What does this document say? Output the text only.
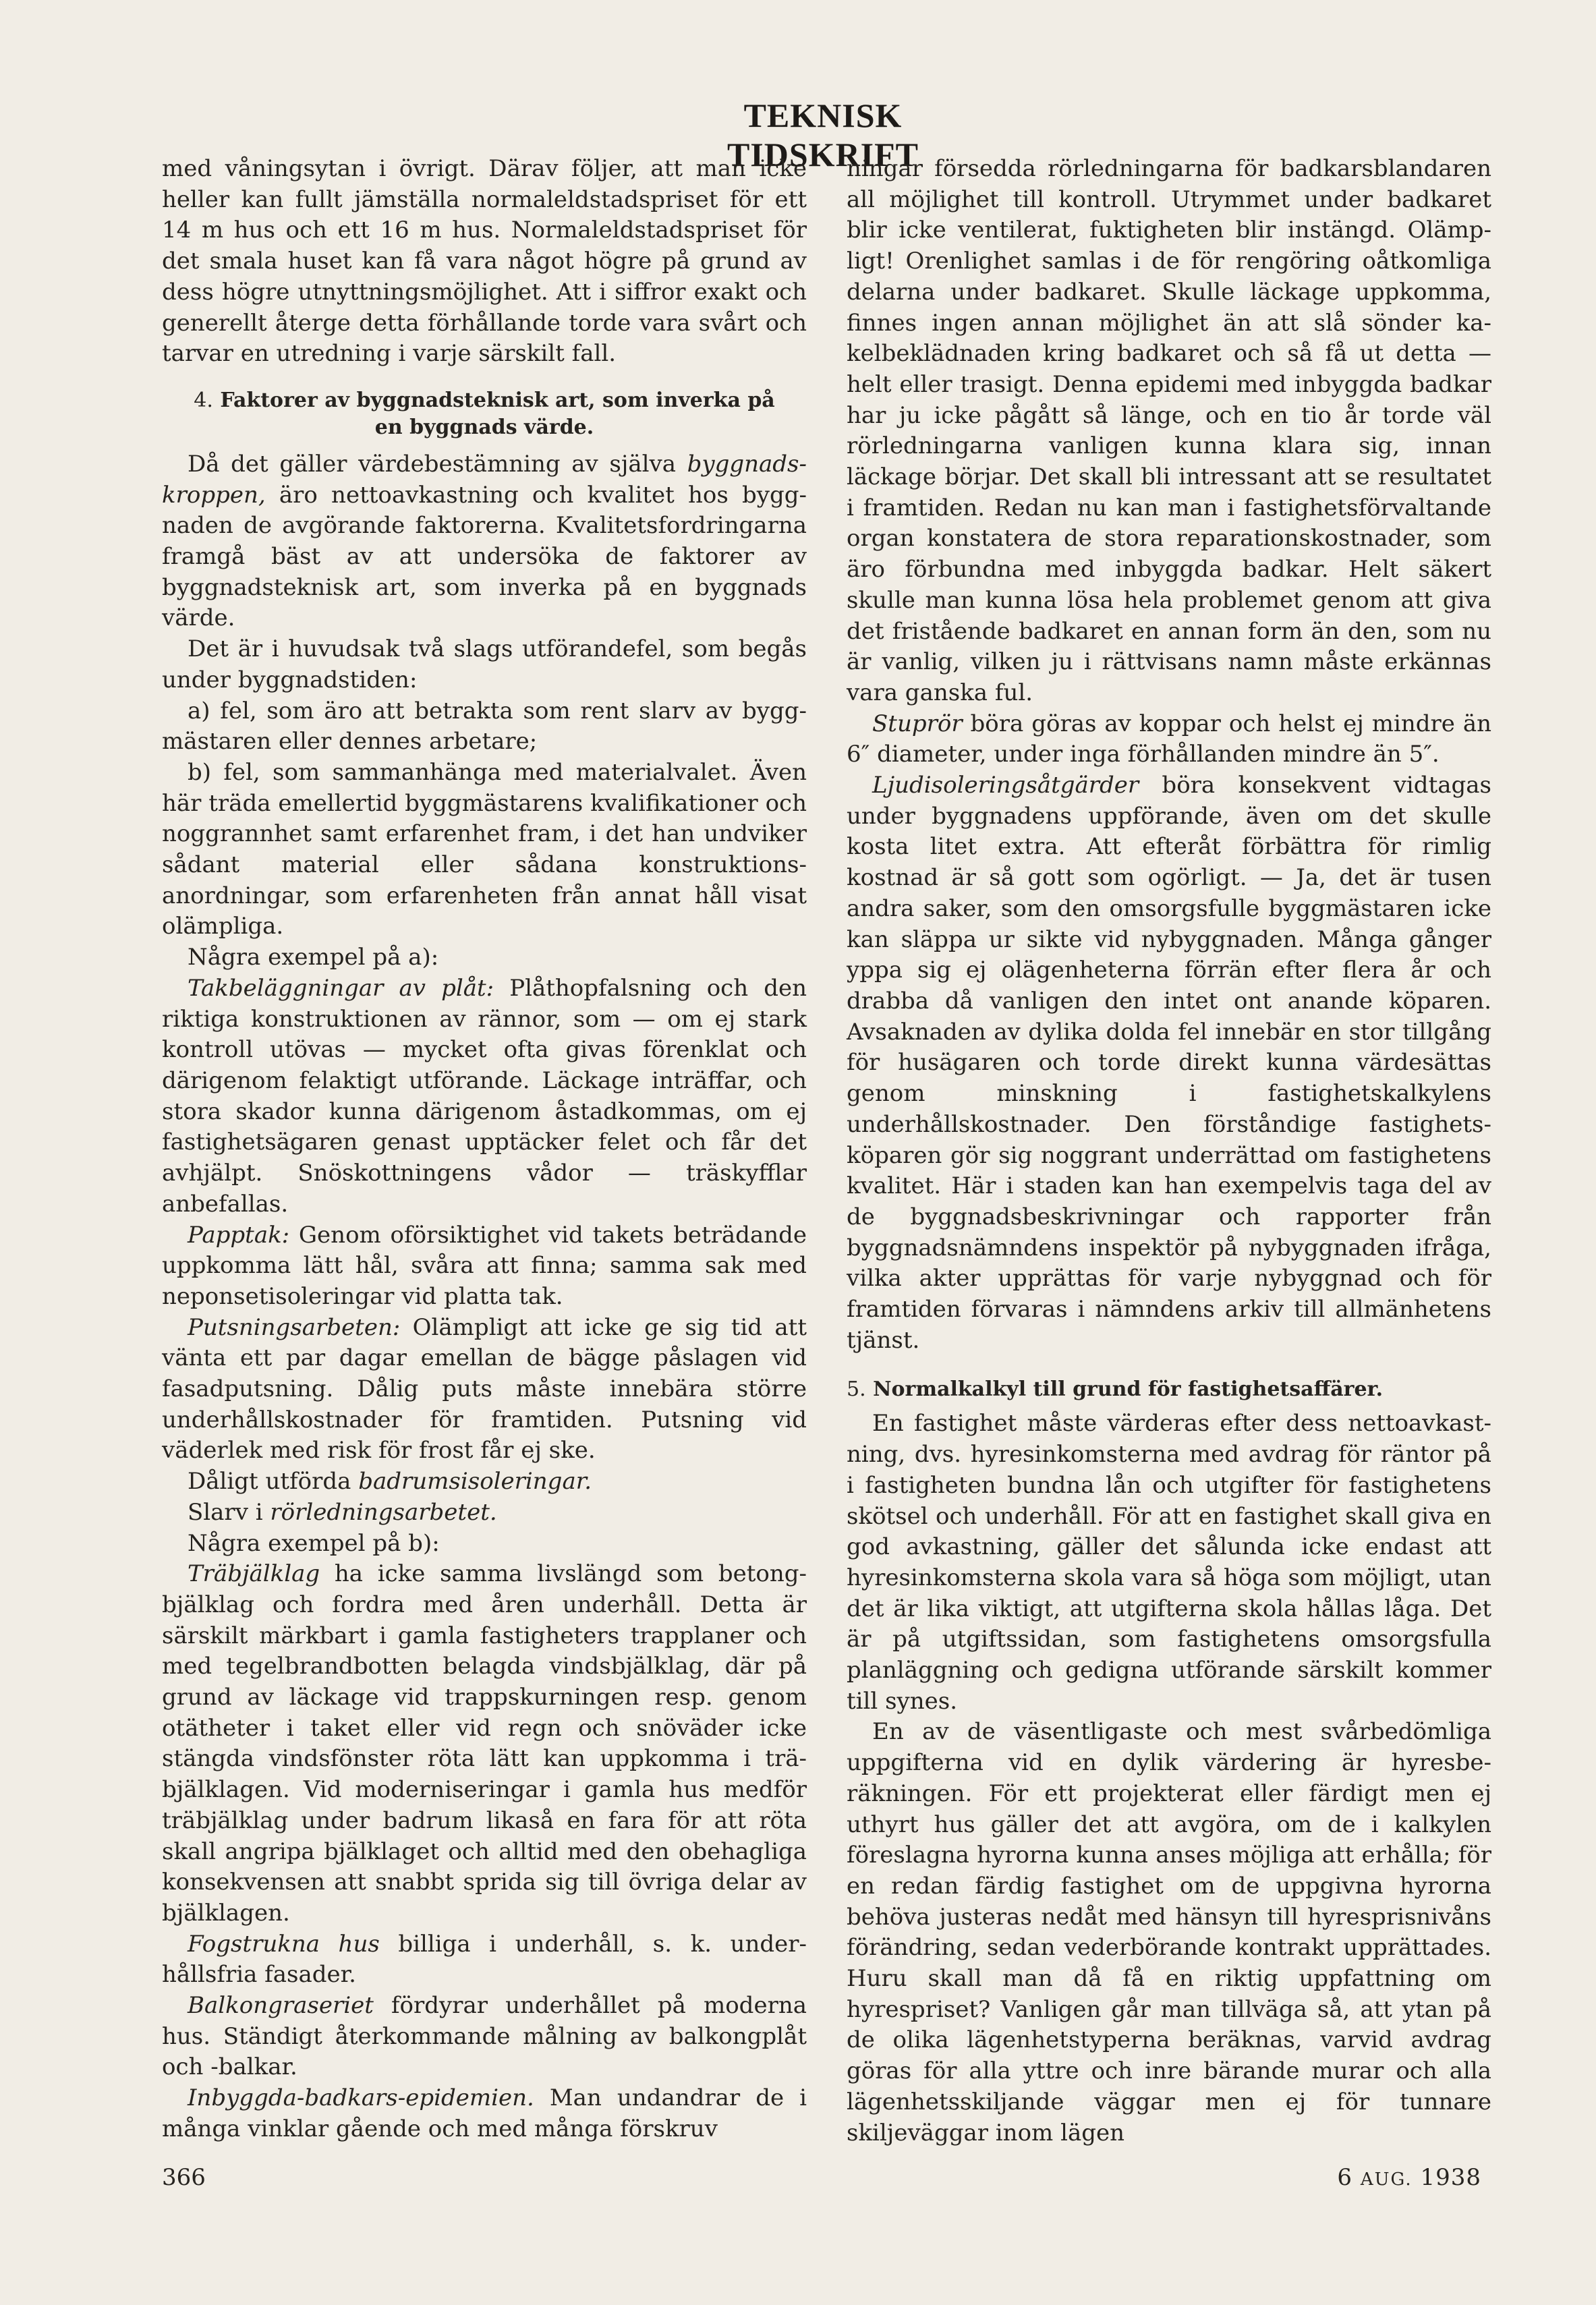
TEKNISK TIDSKRIFT

med våningsytan i övrigt. Därav följer, att man icke heller kan fullt jämställa normaleldstadspriset för ett 14 m hus och ett 16 m hus. Normaleldstadspriset för det smala huset kan få vara något högre på grund av dess högre utnyttningsmöjlighet. Att i siffror exakt och generellt återge detta förhållande torde vara svårt och tarvar en utredning i varje särskilt fall.

4. Faktorer av byggnadsteknisk art, som inverka på en byggnads värde.

Då det gäller värdebestämning av själva byggnadskroppen, äro nettoavkastning och kvalitet hos byggnaden de avgörande faktorerna. Kvalitetsfordringarna framgå bäst av att undersöka de faktorer av byggnadsteknisk art, som inverka på en byggnads värde.

Det är i huvudsak två slags utförandefel, som begås under byggnadstiden:

a) fel, som äro att betrakta som rent slarv av byggmästaren eller dennes arbetare;

b) fel, som sammanhänga med materialvalet. Även här träda emellertid byggmästarens kvalifikationer och noggrannhet samt erfarenhet fram, i det han undviker sådant material eller sådana konstruktionsanordningar, som erfarenheten från annat håll visat olämpliga.

Några exempel på a):

Takbeläggningar av plåt: Plåthopfalsning och den riktiga konstruktionen av rännor, som — om ej stark kontroll utövas — mycket ofta givas förenklat och därigenom felaktigt utförande. Läckage inträffar, och stora skador kunna därigenom åstadkommas, om ej fastighetsägaren genast upptäcker felet och får det avhjälpt. Snöskottningens vådor — träskyfflar anbefallas.

Papptak: Genom oförsiktighet vid takets beträdande uppkomma lätt hål, svåra att finna; samma sak med neponsetisoleringar vid platta tak.

Putsningsarbeten: Olämpligt att icke ge sig tid att vänta ett par dagar emellan de bägge påslagen vid fasadputsning. Dålig puts måste innebära större underhållskostnader för framtiden. Putsning vid väderlek med risk för frost får ej ske.

Dåligt utförda badrumsisoleringar.

Slarv i rörledningsarbetet.

Några exempel på b):

Träbjälklag ha icke samma livslängd som betongbjälklag och fordra med åren underhåll. Detta är särskilt märkbart i gamla fastigheters trapplaner och med tegelbrandbotten belagda vindsbjälklag, där på grund av läckage vid trappskurningen resp. genom otätheter i taket eller vid regn och snöväder icke stängda vindsfönster röta lätt kan uppkomma i träbjälklagen. Vid moderniseringar i gamla hus medför träbjälklag under badrum likaså en fara för att röta skall angripa bjälklaget och alltid med den obehagliga konsekvensen att snabbt sprida sig till övriga delar av bjälklagen.

Fogstrukna hus billiga i underhåll, s. k. underhållsfria fasader.

Balkongraseriet fördyrar underhållet på moderna hus. Ständigt återkommande målning av balkongplåt och -balkar.

Inbyggda-badkars-epidemien. Man undandrar de i många vinklar gående och med många förskruv

ningar försedda rörledningarna för badkarsblandaren all möjlighet till kontroll. Utrymmet under badkaret blir icke ventilerat, fuktigheten blir instängd. Olämpligt! Orenlighet samlas i de för rengöring oåtkomliga delarna under badkaret. Skulle läckage uppkomma, finnes ingen annan möjlighet än att slå sönder kakelbeklädnaden kring badkaret och så få ut detta — helt eller trasigt. Denna epidemi med inbyggda badkar har ju icke pågått så länge, och en tio år torde väl rörledningarna vanligen kunna klara sig, innan läckage börjar. Det skall bli intressant att se resultatet i framtiden. Redan nu kan man i fastighetsförvaltande organ konstatera de stora reparationskostnader, som äro förbundna med inbyggda badkar. Helt säkert skulle man kunna lösa hela problemet genom att giva det fristående badkaret en annan form än den, som nu är vanlig, vilken ju i rättvisans namn måste erkännas vara ganska ful.

Stuprör böra göras av koppar och helst ej mindre än 6″ diameter, under inga förhållanden mindre än 5″.

Ljudisoleringsåtgärder böra konsekvent vidtagas under byggnadens uppförande, även om det skulle kosta litet extra. Att efteråt förbättra för rimlig kostnad är så gott som ogörligt. — Ja, det är tusen andra saker, som den omsorgsfulle byggmästaren icke kan släppa ur sikte vid nybyggnaden. Många gånger yppa sig ej olägenheterna förrän efter flera år och drabba då vanligen den intet ont anande köparen. Avsaknaden av dylika dolda fel innebär en stor tillgång för husägaren och torde direkt kunna värdesättas genom minskning i fastighetskalkylens underhållskostnader. Den förståndige fastighetsköparen gör sig noggrant underrättad om fastighetens kvalitet. Här i staden kan han exempelvis taga del av de byggnadsbeskrivningar och rapporter från byggnadsnämndens inspektör på nybyggnaden ifråga, vilka akter upprättas för varje nybyggnad och för framtiden förvaras i nämndens arkiv till allmänhetens tjänst.

5. Normalkalkyl till grund för fastighetsaffärer.

En fastighet måste värderas efter dess nettoavkastning, dvs. hyresinkomsterna med avdrag för räntor på i fastigheten bundna lån och utgifter för fastighetens skötsel och underhåll. För att en fastighet skall giva en god avkastning, gäller det sålunda icke endast att hyresinkomsterna skola vara så höga som möjligt, utan det är lika viktigt, att utgifterna skola hållas låga. Det är på utgiftssidan, som fastighetens omsorgsfulla planläggning och gedigna utförande särskilt kommer till synes.

En av de väsentligaste och mest svårbedömliga uppgifterna vid en dylik värdering är hyresberäkningen. För ett projekterat eller färdigt men ej uthyrt hus gäller det att avgöra, om de i kalkylen föreslagna hyrorna kunna anses möjliga att erhålla; för en redan färdig fastighet om de uppgivna hyrorna behöva justeras nedåt med hänsyn till hyresprisnivåns förändring, sedan vederbörande kontrakt upprättades. Huru skall man då få en riktig uppfattning om hyrespriset? Vanligen går man tillväga så, att ytan på de olika lägenhetstyperna beräknas, varvid avdrag göras för alla yttre och inre bärande murar och alla lägenhetsskiljande väggar men ej för tunnare skiljeväggar inom lägen

366	6 AUG. 1938
